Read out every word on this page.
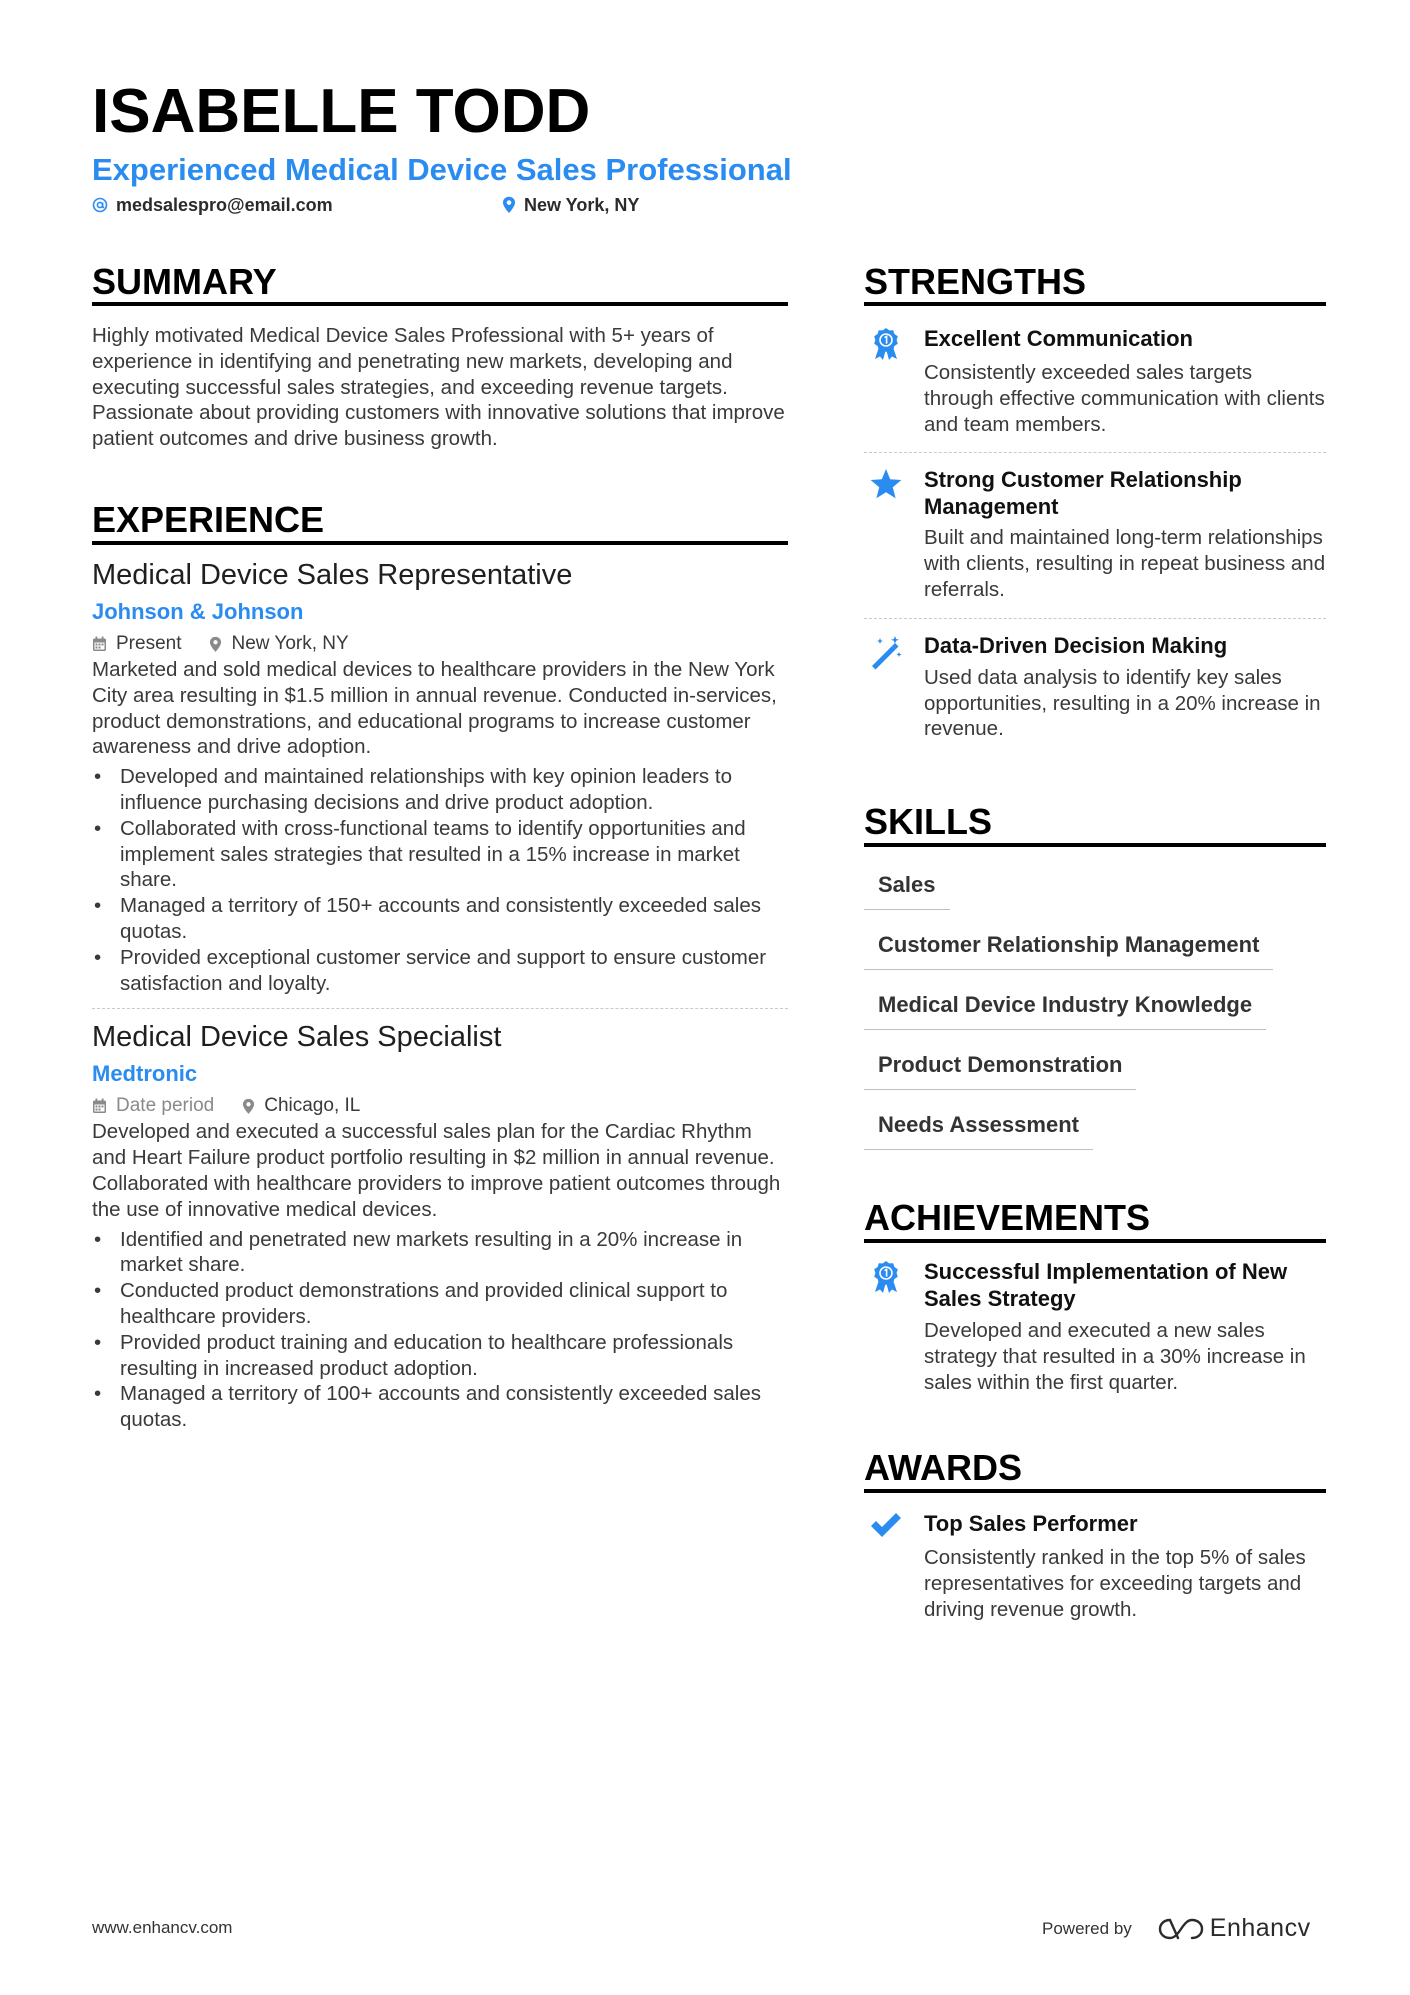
ISABELLE TODD
Experienced Medical Device Sales Professional
medsalespro@email.com	New York, NY
SUMMARY
Highly motivated Medical Device Sales Professional with 5+ years of experience in identifying and penetrating new markets, developing and executing successful sales strategies, and exceeding revenue targets. Passionate about providing customers with innovative solutions that improve patient outcomes and drive business growth.
EXPERIENCE
Medical Device Sales Representative
Johnson & Johnson
Present	New York, NY
Marketed and sold medical devices to healthcare providers in the New York City area resulting in $1.5 million in annual revenue. Conducted in-services, product demonstrations, and educational programs to increase customer awareness and drive adoption.
• Developed and maintained relationships with key opinion leaders to influence purchasing decisions and drive product adoption.
• Collaborated with cross-functional teams to identify opportunities and implement sales strategies that resulted in a 15% increase in market share.
• Managed a territory of 150+ accounts and consistently exceeded sales quotas.
• Provided exceptional customer service and support to ensure customer satisfaction and loyalty.
Medical Device Sales Specialist
Medtronic
Date period	Chicago, IL
Developed and executed a successful sales plan for the Cardiac Rhythm and Heart Failure product portfolio resulting in $2 million in annual revenue. Collaborated with healthcare providers to improve patient outcomes through the use of innovative medical devices.
• Identified and penetrated new markets resulting in a 20% increase in market share.
• Conducted product demonstrations and provided clinical support to healthcare providers.
• Provided product training and education to healthcare professionals resulting in increased product adoption.
• Managed a territory of 100+ accounts and consistently exceeded sales quotas.
STRENGTHS
Excellent Communication
Consistently exceeded sales targets through effective communication with clients and team members.
Strong Customer Relationship Management
Built and maintained long-term relationships with clients, resulting in repeat business and referrals.
Data-Driven Decision Making
Used data analysis to identify key sales opportunities, resulting in a 20% increase in revenue.
SKILLS
Sales
Customer Relationship Management
Medical Device Industry Knowledge
Product Demonstration
Needs Assessment
ACHIEVEMENTS
Successful Implementation of New Sales Strategy
Developed and executed a new sales strategy that resulted in a 30% increase in sales within the first quarter.
AWARDS
Top Sales Performer
Consistently ranked in the top 5% of sales representatives for exceeding targets and driving revenue growth.
www.enhancv.com	Powered by	Enhancv
